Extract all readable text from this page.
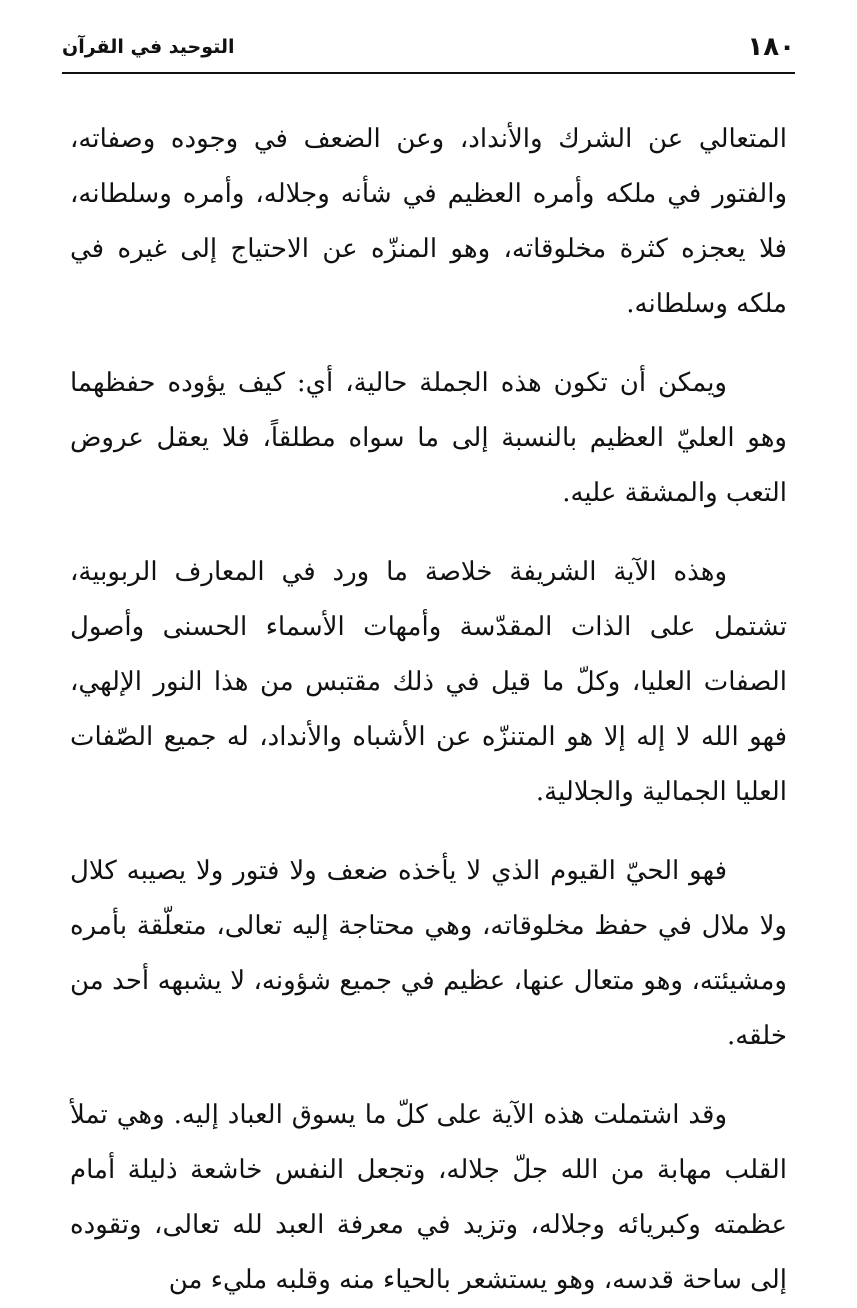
١٨٠
التوحيد في القرآن

المتعالي عن الشرك والأنداد، وعن الضعف في وجوده وصفاته، والفتور في ملكه وأمره العظيم في شأنه وجلاله، وأمره وسلطانه، فلا يعجزه كثرة مخلوقاته، وهو المنزّه عن الاحتياج إلى غيره في ملكه وسلطانه.

ويمكن أن تكون هذه الجملة حالية، أي: كيف يؤوده حفظهما وهو العليّ العظيم بالنسبة إلى ما سواه مطلقاً، فلا يعقل عروض التعب والمشقة عليه.

وهذه الآية الشريفة خلاصة ما ورد في المعارف الربوبية، تشتمل على الذات المقدّسة وأمهات الأسماء الحسنى وأصول الصفات العليا، وكلّ ما قيل في ذلك مقتبس من هذا النور الإلهي، فهو الله لا إله إلا هو المتنزّه عن الأشباه والأنداد، له جميع الصّفات العليا الجمالية والجلالية.

فهو الحيّ القيوم الذي لا يأخذه ضعف ولا فتور ولا يصيبه كلال ولا ملال في حفظ مخلوقاته، وهي محتاجة إليه تعالى، متعلّقة بأمره ومشيئته، وهو متعال عنها، عظيم في جميع شؤونه، لا يشبهه أحد من خلقه.

وقد اشتملت هذه الآية على كلّ ما يسوق العباد إليه. وهي تملأ القلب مهابة من الله جلّ جلاله، وتجعل النفس خاشعة ذليلة أمام عظمته وكبريائه وجلاله، وتزيد في معرفة العبد لله تعالى، وتقوده إلى ساحة قدسه، وهو يستشعر بالحياء منه وقلبه مليء من
